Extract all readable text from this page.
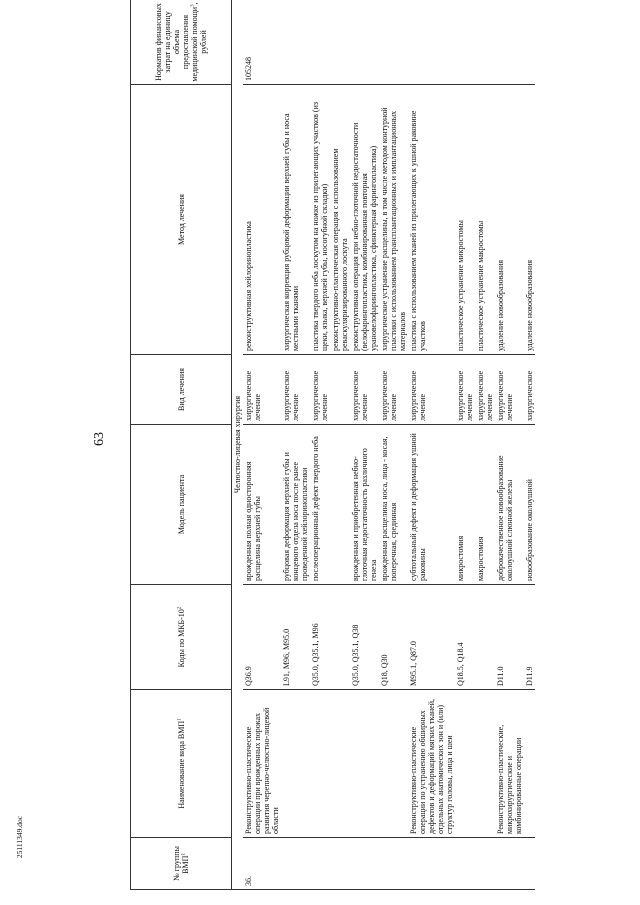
63
25111349.doc
№ группы ВМП$^1$	Наименование вида ВМП$^1$	Коды по МКБ-$10^2$	Модель пациента	Вид лечения	Метод лечения	Норматив финансовых затрат на единицу объема предоставления медицинской помощи$^3$, рублей
Челюстно-лицевая хирургия						
36.	Реконструктивно-пластические операции при врожденных пороках развития черепно-челюстно-лицевой области	Q36.9	врожденная полная односторонняя расщелина верхней губы	хирургическое лечение	реконструктивная хейлоринопластика	105248
		L91, M96, M95.0	рубцовая деформация верхней губы и концевого отдела носа после ранее проведенной хейлоринопластики	хирургическое лечение	хирургическая коррекция рубцовой деформации верхней губы и носа местными тканями	
		Q35.0, Q35.1, M96	послеоперационный дефект твердого неба	хирургическое лечение	пластика твердого неба лоскутом на ножке из прилегающих участков (из щеки, языка, верхней губы, носогубной складки)	
					реконструктивно-пластическая операция с использованием реваскуляризированного лоскута	
		Q35.0, Q35.1, Q38	врожденная и приобретенная небно-глоточная недостаточность различного генеза	хирургическое лечение	реконструктивная операция при небно-глоточной недостаточности (велофарингопластика, комбинированная повторная урановелофарингопластика, сфинктерная фарингопластика)	
		Q18, Q30	врожденная расщелина носа, лица - косая, поперечная, срединная	хирургическое лечение	хирургическое устранение расщелины, в том числе методом контурной пластики с использованием трансплантационных и имплантационных материалов	
	Реконструктивно-пластические операции по устранению обширных дефектов и деформаций мягких тканей, отдельных анатомических зон и (или) структур головы, лица и шеи	M95.1, Q87.0	субтотальный дефект и деформация ушной раковины	хирургическое лечение	пластика с использованием тканей из прилегающих к ушной раковине участков	
		Q18.5, Q18.4	микростомия	хирургическое лечение	пластическое устранение микростомы	
			макростомия	хирургическое лечение	пластическое устранение макростомы	
	Реконструктивно-пластические, микрохирургические и комбинированные операции	D11.0	доброкачественное новообразование околоушной слюнной железы	хирургическое лечение	удаление новообразования	
		D11.9	новообразование околоушной	хирургическое	удаление новообразования	
